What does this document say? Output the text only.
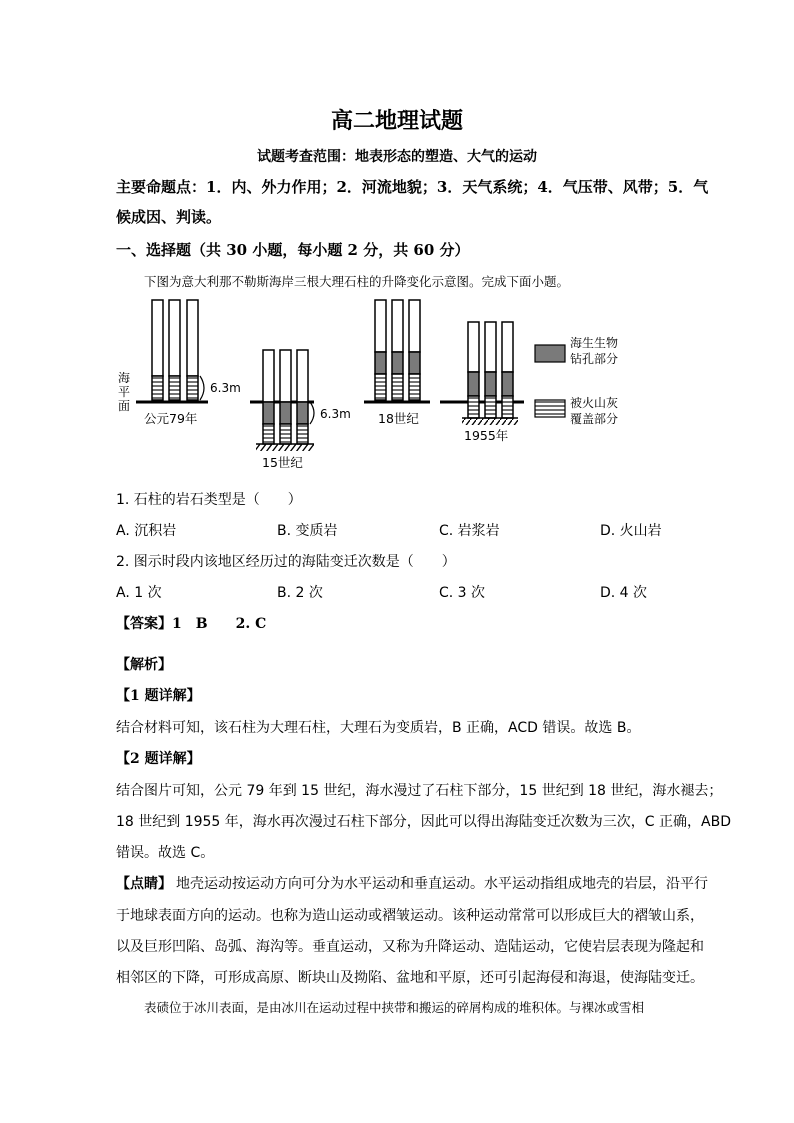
高二地理试题
试题考查范围：地表形态的塑造、大气的运动
主要命题点：1．内、外力作用；2．河流地貌；3．天气系统；4．气压带、风带；5．气
候成因、判读。
一、选择题（共 30 小题，每小题 2 分，共 60 分）
下图为意大利那不勒斯海岸三根大理石柱的升降变化示意图。完成下面小题。
海
平
面
6.3m
公元79年	6.3m
15世纪
18世纪
1955年
海生生物
钻孔部分
被火山灰
覆盖部分
1. 石柱的岩石类型是（　　）
A. 沉积岩	B. 变质岩	C. 岩浆岩	D. 火山岩
2. 图示时段内该地区经历过的海陆变迁次数是（　　）
A. 1 次	B. 2 次	C. 3 次	D. 4 次
【答案】 1　B　　2. C
【解析】
【1 题详解】
结合材料可知，该石柱为大理石柱，大理石为变质岩，B 正确，ACD 错误。故选 B。
【2 题详解】
结合图片可知，公元 79 年到 15 世纪，海水漫过了石柱下部分，15 世纪到 18 世纪，海水褪去；
18 世纪到 1955 年，海水再次漫过石柱下部分，因此可以得出海陆变迁次数为三次，C 正确，ABD
错误。故选 C。
【点睛】 地壳运动按运动方向可分为水平运动和垂直运动。水平运动指组成地壳的岩层，沿平行
于地球表面方向的运动。也称为造山运动或褶皱运动。该种运动常常可以形成巨大的褶皱山系，
以及巨形凹陷、岛弧、海沟等。垂直运动，又称为升降运动、造陆运动，它使岩层表现为隆起和
相邻区的下降，可形成高原、断块山及拗陷、盆地和平原，还可引起海侵和海退，使海陆变迁。
表碛位于冰川表面，是由冰川在运动过程中挟带和搬运的碎屑构成的堆积体。与裸冰或雪相
